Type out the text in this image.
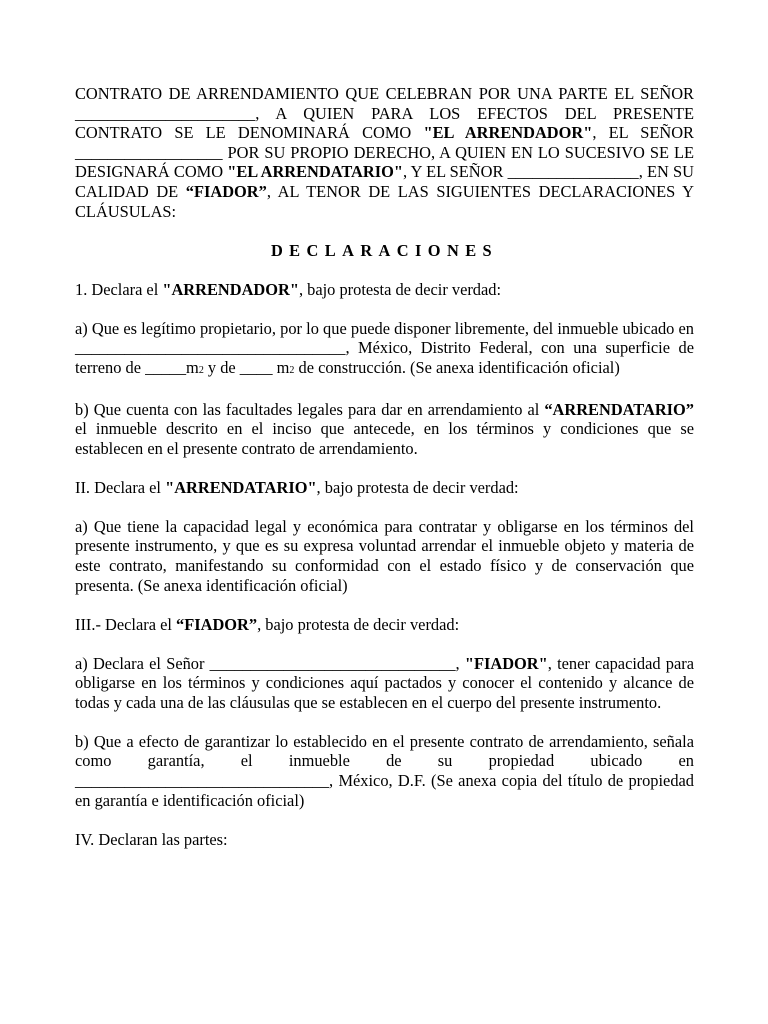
CONTRATO DE ARRENDAMIENTO QUE CELEBRAN POR UNA PARTE EL SEÑOR ______________________, A QUIEN PARA LOS EFECTOS DEL PRESENTE CONTRATO SE LE DENOMINARÁ COMO "EL ARRENDADOR", EL SEÑOR __________________ POR SU PROPIO DERECHO, A QUIEN EN LO SUCESIVO SE LE DESIGNARÁ COMO "EL ARRENDATARIO", Y EL SEÑOR ________________, EN SU CALIDAD DE “FIADOR”, AL TENOR DE LAS SIGUIENTES DECLARACIONES Y CLÁUSULAS:

DECLARACIONES

1. Declara el "ARRENDADOR", bajo protesta de decir verdad:

a) Que es legítimo propietario, por lo que puede disponer libremente, del inmueble ubicado en _________________________________, México, Distrito Federal, con una superficie de terreno de _____m2 y de ____ m2 de construcción. (Se anexa identificación oficial)

b) Que cuenta con las facultades legales para dar en arrendamiento al “ARRENDATARIO” el inmueble descrito en el inciso que antecede, en los términos y condiciones que se establecen en el presente contrato de arrendamiento.

II. Declara el "ARRENDATARIO", bajo protesta de decir verdad:

a) Que tiene la capacidad legal y económica para contratar y obligarse en los términos del presente instrumento, y que es su expresa voluntad arrendar el inmueble objeto y materia de este contrato, manifestando su conformidad con el estado físico y de conservación que presenta. (Se anexa identificación oficial)

III.- Declara el “FIADOR”, bajo protesta de decir verdad:

a) Declara el Señor ______________________________, "FIADOR", tener capacidad para obligarse en los términos y condiciones aquí pactados y conocer el contenido y alcance de todas y cada una de las cláusulas que se establecen en el cuerpo del presente instrumento.

b) Que a efecto de garantizar lo establecido en el presente contrato de arrendamiento, señala como garantía, el inmueble de su propiedad ubicado en _______________________________, México, D.F. (Se anexa copia del título de propiedad en garantía e identificación oficial)

IV. Declaran las partes:
